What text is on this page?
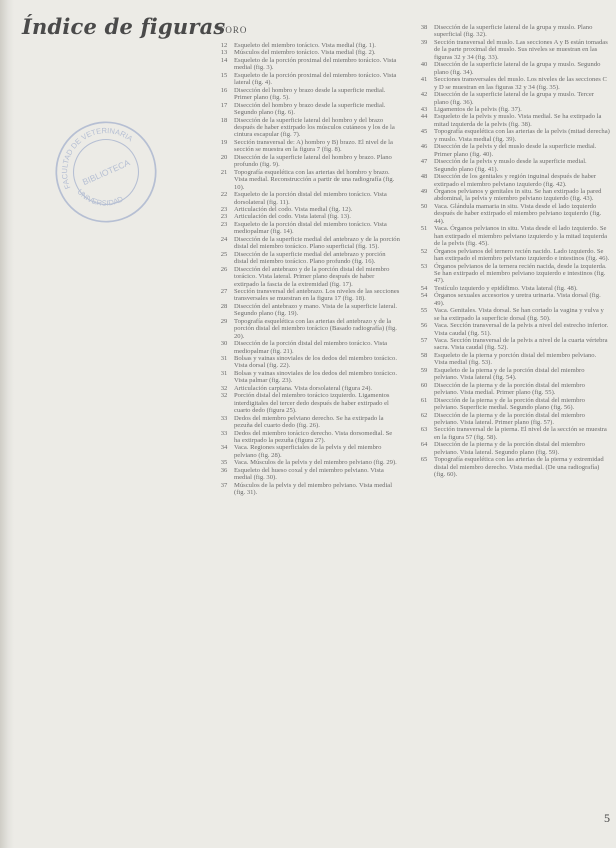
Índice de figuras
FACULTAD DE VETERINARIA
UNIVERSIDAD
BIBLIOTECA
TORO
12	Esqueleto del miembro torácico. Vista medial (fig. 1).
13	Músculos del miembro torácico. Vista medial (fig. 2).
14	Esqueleto de la porción proximal del miembro torácico. Vista medial (fig. 3).
15	Esqueleto de la porción proximal del miembro torácico. Vista lateral (fig. 4).
16	Disección del hombro y brazo desde la superficie medial. Primer plano (fig. 5).
17	Disección del hombro y brazo desde la superficie medial. Segundo plano (fig. 6).
18	Disección de la superficie lateral del hombro y del brazo después de haber extirpado los músculos cutáneos y los de la cintura escapular (fig. 7).
19	Sección transversal de: A) hombro y B) brazo. El nivel de la sección se muestra en la figura 7 (fig. 8).
20	Disección de la superficie lateral del hombro y brazo. Plano profundo (fig. 9).
21	Topografía esquelética con las arterias del hombro y brazo. Vista medial. Reconstrucción a partir de una radiografía (fig. 10).
22	Esqueleto de la porción distal del miembro torácico. Vista dorsolateral (fig. 11).
23	Articulación del codo. Vista medial (fig. 12).
23	Articulación del codo. Vista lateral (fig. 13).
23	Esqueleto de la porción distal del miembro torácico. Vista mediopalmar (fig. 14).
24	Disección de la superficie medial del antebrazo y de la porción distal del miembro torácico. Plano superficial (fig. 15).
25	Disección de la superficie medial del antebrazo y porción distal del miembro torácico. Plano profundo (fig. 16).
26	Disección del antebrazo y de la porción distal del miembro torácico. Vista lateral. Primer plano después de haber extirpado la fascia de la extremidad (fig. 17).
27	Sección transversal del antebrazo. Los niveles de las secciones transversales se muestran en la figura 17 (fig. 18).
28	Disección del antebrazo y mano. Vista de la superficie lateral. Segundo plano (fig. 19).
29	Topografía esquelética con las arterias del antebrazo y de la porción distal del miembro torácico (Basado radiografía) (fig. 20).
30	Disección de la porción distal del miembro torácico. Vista mediopalmar (fig. 21).
31	Bolsas y vainas sinoviales de los dedos del miembro torácico. Vista dorsal (fig. 22).
31	Bolsas y vainas sinoviales de los dedos del miembro torácico. Vista palmar (fig. 23).
32	Articulación carpiana. Vista dorsolateral (figura 24).
32	Porción distal del miembro torácico izquierdo. Ligamentos interdigitales del tercer dedo después de haber extirpado el cuarto dedo (figura 25).
33	Dedos del miembro pelviano derecho. Se ha extirpado la pezuña del cuarto dedo (fig. 26).
33	Dedos del miembro torácico derecho. Vista dorsomedial. Se ha extirpado la pezuña (figura 27).
34	Vaca. Regiones superficiales de la pelvis y del miembro pelviano (fig. 28).
35	Vaca. Músculos de la pelvis y del miembro pelviano (fig. 29).
36	Esqueleto del hueso coxal y del miembro pelviano. Vista medial (fig. 30).
37	Músculos de la pelvis y del miembro pelviano. Vista medial (fig. 31).
38	Disección de la superficie lateral de la grupa y muslo. Plano superficial (fig. 32).
39	Sección transversal del muslo. Las secciones A y B están tomadas de la parte proximal del muslo. Sus niveles se muestran en las figuras 32 y 34 (fig. 33).
40	Disección de la superficie lateral de la grupa y muslo. Segundo plano (fig. 34).
41	Secciones transversales del muslo. Los niveles de las secciones C y D se muestran en las figuras 32 y 34 (fig. 35).
42	Disección de la superficie lateral de la grupa y muslo. Tercer plano (fig. 36).
43	Ligamentos de la pelvis (fig. 37).
44	Esqueleto de la pelvis y muslo. Vista medial. Se ha extirpado la mitad izquierda de la pelvis (fig. 38).
45	Topografía esquelética con las arterias de la pelvis (mitad derecha) y muslo. Vista medial (fig. 39).
46	Disección de la pelvis y del muslo desde la superficie medial. Primer plano (fig. 40).
47	Disección de la pelvis y muslo desde la superficie medial. Segundo plano (fig. 41).
48	Disección de los genitales y región inguinal después de haber extirpado el miembro pelviano izquierdo (fig. 42).
49	Órganos pelvianos y genitales in situ. Se han extirpado la pared abdominal, la pelvis y miembro pelviano izquierdo (fig. 43).
50	Vaca. Glándula mamaria in situ. Vista desde el lado izquierdo después de haber extirpado el miembro pelviano izquierdo (fig. 44).
51	Vaca. Órganos pelvianos in situ. Vista desde el lado izquierdo. Se han extirpado el miembro pelviano izquierdo y la mitad izquierda de la pelvis (fig. 45).
52	Órganos pelvianos del ternero recién nacido. Lado izquierdo. Se han extirpado el miembro pelviano izquierdo e intestinos (fig. 46).
53	Órganos pelvianos de la ternera recién nacida, desde la izquierda. Se han extirpado el miembro pelviano izquierdo e intestinos (fig. 47).
54	Testículo izquierdo y epidídimo. Vista lateral (fig. 48).
54	Órganos sexuales accesorios y uretra urinaria. Vista dorsal (fig. 49).
55	Vaca. Genitales. Vista dorsal. Se han cortado la vagina y vulva y se ha extirpado la superficie dorsal (fig. 50).
56	Vaca. Sección transversal de la pelvis a nivel del estrecho inferior. Vista caudal (fig. 51).
57	Vaca. Sección transversal de la pelvis a nivel de la cuarta vértebra sacra. Vista caudal (fig. 52).
58	Esqueleto de la pierna y porción distal del miembro pelviano. Vista medial (fig. 53).
59	Esqueleto de la pierna y de la porción distal del miembro pelviano. Vista lateral (fig. 54).
60	Disección de la pierna y de la porción distal del miembro pelviano. Vista medial. Primer plano (fig. 55).
61	Disección de la pierna y de la porción distal del miembro pelviano. Superficie medial. Segundo plano (fig. 56).
62	Disección de la pierna y de la porción distal del miembro pelviano. Vista lateral. Primer plano (fig. 57).
63	Sección transversal de la pierna. El nivel de la sección se muestra en la figura 57 (fig. 58).
64	Disección de la pierna y de la porción distal del miembro pelviano. Vista lateral. Segundo plano (fig. 59).
65	Topografía esquelética con las arterias de la pierna y extremidad distal del miembro derecho. Vista medial. (De una radiografía) (fig. 60).
5
